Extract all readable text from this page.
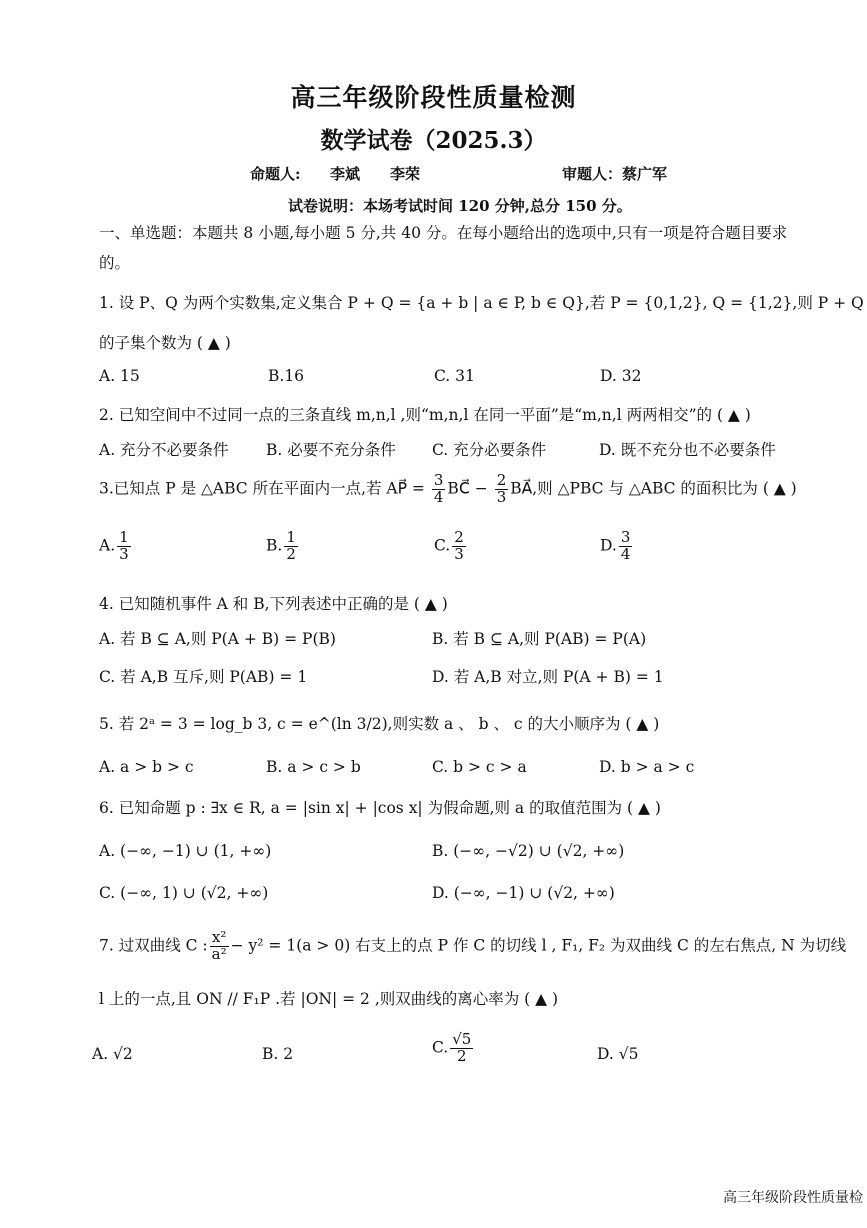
高三年级阶段性质量检测
数学试卷（2025.3）
命题人: 李斌 李荣	审题人：蔡广军
试卷说明：本场考试时间 120 分钟,总分 150 分。
一、单选题：本题共 8 小题,每小题 5 分,共 40 分。在每小题给出的选项中,只有一项是符合题目要求
的。
1. 设 P、Q 为两个实数集,定义集合 P + Q = {a + b | a ∈ P, b ∈ Q},若 P = {0,1,2}, Q = {1,2},则 P + Q
的子集个数为 ( ▲ )
A. 15	B.16	C. 31	D. 32
2. 已知空间中不过同一点的三条直线 m,n,l ,则“m,n,l 在同一平面”是“m,n,l 两两相交”的 ( ▲ )
A. 充分不必要条件 B. 必要不充分条件 C. 充分必要条件	D. 既不充分也不必要条件
3.已知点 P 是 △ABC 所在平面内一点,若 AP⃗ = $\frac{3}{4}$ BC⃗ − $\frac{2}{3}$ BA⃗,则 △PBC 与 △ABC 的面积比为 ( ▲ )
A. $\frac{1}{3}$	B. $\frac{1}{2}$	C. $\frac{2}{3}$	D. $\frac{3}{4}$
4. 已知随机事件 A 和 B,下列表述中正确的是 ( ▲ )
A. 若 B ⊆ A,则 P(A + B) = P(B)	B. 若 B ⊆ A,则 P(AB) = P(A)
C. 若 A,B 互斥,则 P(AB) = 1	D. 若 A,B 对立,则 P(A + B) = 1
5. 若 2ᵃ = 3 = log_b 3, c = e^(ln 3/2),则实数 a 、 b 、 c 的大小顺序为 ( ▲ )
A. a > b > c	B. a > c > b	C. b > c > a	D. b > a > c
6. 已知命题 p : ∃x ∈ R, a = |sin x| + |cos x| 为假命题,则 a 的取值范围为 ( ▲ )
A. (−∞, −1) ∪ (1, +∞)	B. (−∞, −√2) ∪ (√2, +∞)
C. (−∞, 1) ∪ (√2, +∞)	D. (−∞, −1) ∪ (√2, +∞)
7. 过双曲线 C : $\frac{\text{x²}}{\text{a²}} - y^2 = 1(a > 0)$ 右支上的点 P 作 C 的切线 l , F₁, F₂ 为双曲线 C 的左右焦点, N 为切线
l 上的一点,且 ON // F₁P .若 |ON| = 2 ,则双曲线的离心率为 ( ▲ )
A. √2	B. 2	C. $\frac{√5}{2}$	D. √5
高三年级阶段性质量检
